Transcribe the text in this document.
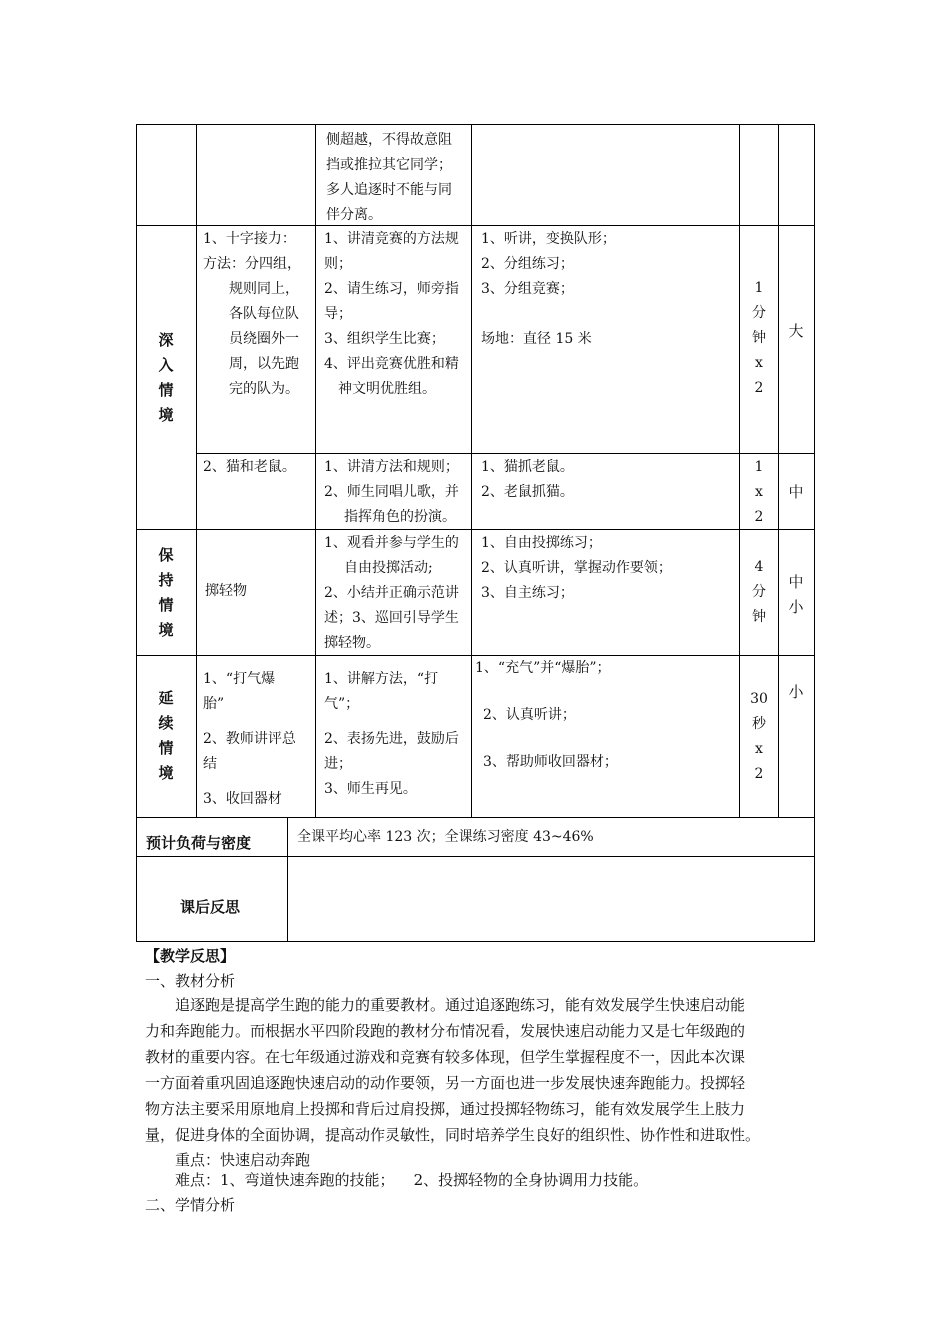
侧超越，不得故意阻
挡或推拉其它同学；
多人追逐时不能与同
伴分离。
深
入
情
境
1、十字接力：
方法：分四组，
规则同上，
各队每位队
员绕圈外一
周，以先跑
完的队为。
1、讲清竞赛的方法规
则；
2、请生练习，师旁指
导；
3、组织学生比赛；
4、评出竞赛优胜和精
神文明优胜组。
1、听讲，变换队形；
2、分组练习；
3、分组竞赛；
场地：直径 15 米
1
分
钟
x
2
大
2、猫和老鼠。 1、讲清方法和规则；
2、师生同唱儿歌，并
指挥角色的扮演。
1、猫抓老鼠。
2、老鼠抓猫。
1
x
2
中
保
持
情
境
掷轻物
1、观看并参与学生的
自由投掷活动;
2、小结并正确示范讲
述；3、巡回引导学生
掷轻物。
1、自由投掷练习；
2、认真听讲，掌握动作要领；
3、自主练习；
4
分
钟
中
小
延
续
情
境
1、“打气爆
胎”
2、教师讲评总
结
3、收回器材
1、讲解方法，“打
气”；
2、表扬先进，鼓励后
进；
3、师生再见。
1、“充气”并“爆胎”；
2、认真听讲；
3、帮助师收回器材；
30
秒
x
2
小
预计负荷与密度	全课平均心率 123 次；全课练习密度 43~46%
课后反思
【教学反思】
一、教材分析
追逐跑是提高学生跑的能力的重要教材。通过追逐跑练习，能有效发展学生快速启动能
力和奔跑能力。而根据水平四阶段跑的教材分布情况看，发展快速启动能力又是七年级跑的
教材的重要内容。在七年级通过游戏和竞赛有较多体现，但学生掌握程度不一，因此本次课
一方面着重巩固追逐跑快速启动的动作要领，另一方面也进一步发展快速奔跑能力。投掷轻
物方法主要采用原地肩上投掷和背后过肩投掷，通过投掷轻物练习，能有效发展学生上肢力
量，促进身体的全面协调，提高动作灵敏性，同时培养学生良好的组织性、协作性和进取性。
重点：快速启动奔跑
难点：1、弯道快速奔跑的技能；    2、投掷轻物的全身协调用力技能。
二、学情分析
